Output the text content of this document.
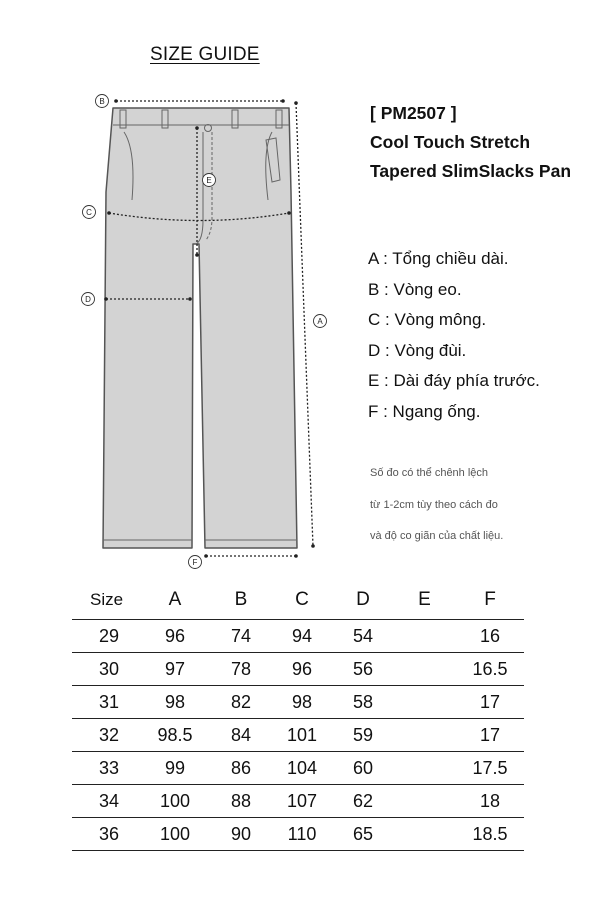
SIZE GUIDE
B
C
D
E
A
F
[ PM2507 ]
Cool Touch Stretch
Tapered SlimSlacks Pan
A : Tổng chiều dài.
B : Vòng eo.
C : Vòng mông.
D : Vòng đùi.
E : Dài đáy phía trước.
F : Ngang ống.
Số đo có thể chênh lệch
từ 1-2cm tùy theo cách đo
và độ co giãn của chất liệu.
Size	A	B	C	D	E	F
29	96	74	94	54		16
30	97	78	96	56		16.5
31	98	82	98	58		17
32	98.5	84	101	59		17
33	99	86	104	60		17.5
34	100	88	107	62		18
36	100	90	110	65		18.5
